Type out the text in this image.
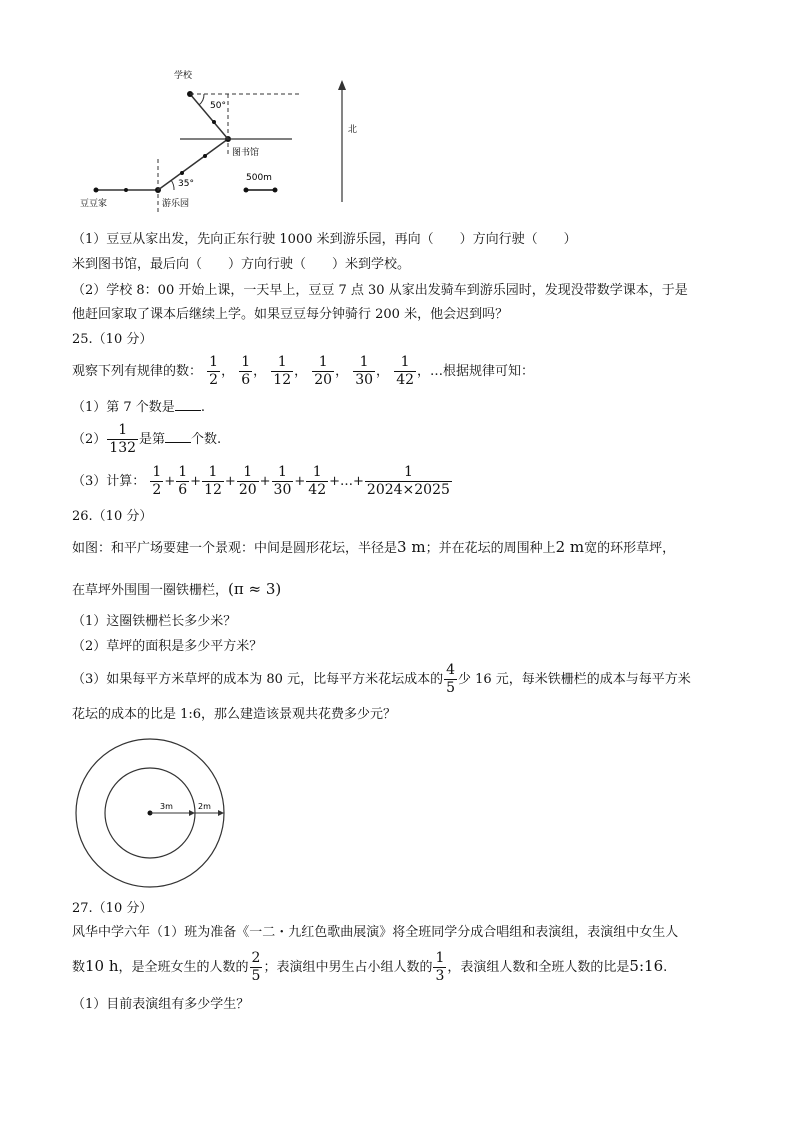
学校
50°
图书馆
35°
500m
豆豆家	游乐园
北
（1）豆豆从家出发，先向正东行驶 1000 米到游乐园，再向（　　）方向行驶（　　）
米到图书馆，最后向（　　）方向行驶（　　）米到学校。
（2）学校 8：00 开始上课，一天早上，豆豆 7 点 30 从家出发骑车到游乐园时，发现没带数学课本，于是
他赶回家取了课本后继续上学。如果豆豆每分钟骑行 200 米，他会迟到吗？
25.（10 分）
观察下列有规律的数： $\frac{1}{2}$ ， $\frac{1}{6}$ ， $\frac{1}{12}$ ， $\frac{1}{20}$ ， $\frac{1}{30}$ ， $\frac{1}{42}$ ，…根据规律可知：
（1）第 7 个数是 .
$(2) \frac{1}{132}$ 是第 个数.
（3）计算： $\frac{1}{2} + \frac{1}{6} + \frac{1}{12} + \frac{1}{20} + \frac{1}{30} + \frac{1}{42}$ +…+ $\frac{1}{2024\times 2025}$
26.（10 分）
如图：和平广场要建一个景观：中间是圆形花坛，半径是3 m；并在花坛的周围种上2 m宽的环形草坪，
在草坪外围围一圈铁栅栏，(π ≈ 3)
（1）这圈铁栅栏长多少米？
（2）草坪的面积是多少平方米？
（3）如果每平方米草坪的成本为 80 元，比每平方米花坛成本的 $\frac{4}{5}$ 少 16 元，每米铁栅栏的成本与每平方米
花坛的成本的比是 1:6，那么建造该景观共花费多少元？
3m	2m
27.（10 分）
风华中学六年（1）班为准备《一二・九红色歌曲展演》将全班同学分成合唱组和表演组，表演组中女生人
数10 h，是全班女生的人数的 $\frac{2}{5}$ ；表演组中男生占小组人数的 $\frac{1}{3}$ ，表演组人数和全班人数的比是5:16.
（1）目前表演组有多少学生？
